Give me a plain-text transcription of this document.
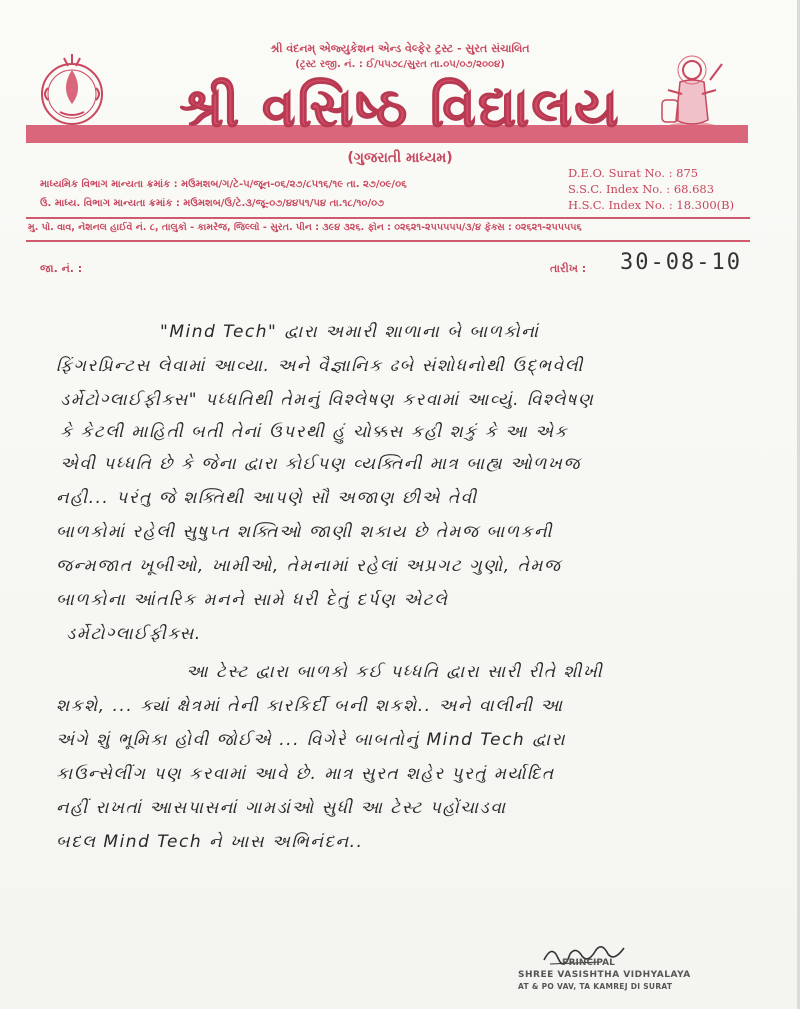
શ્રી વંદનમ્ એજ્યુકેશન એન્ડ વેલ્ફેર ટ્રસ્ટ - સુરત સંચાલિત
(ટ્રસ્ટ રજી. નં. : ઈ/૫૫૭૮/સુરત તા.૦૫/૦૭/૨૦૦૪)
શ્રી વસિષ્ઠ વિદ્યાલય
(ગુજરાતી માધ્યમ)
માધ્યમિક વિભાગ માન્યતા ક્રમાંક : મઉમશબ/ગ/ટે-૫/જૂન-૦૬/૨૭/૮૫૧૬/૧૯ તા. ૨૭/૦૯/૦૬
ઉ. માધ્ય. વિભાગ માન્યતા ક્રમાંક : મઉમશબ/ઉ/ટે.૩/જૂ-૦૭/૪૪૫૧/૫૪ તા.૧૮/૧૦/૦૭
D.E.O. Surat No. : 875
S.S.C. Index No. : 68.683
H.S.C. Index No. : 18.300(B)
મુ. પો. વાવ, નેશનલ હાઈવે નં. ૮, તાલુકો - કામરેજ, જિલ્લો - સુરત. પીન : ૩૯૪ ૩૨૬. ફોન : ૦૨૬૨૧-૨૫૫૫૫૫/૩/૪ ફેક્સ : ૦૨૬૨૧-૨૫૫૫૫૬
જા. નં. :	તારીખ : 30-08-10
"Mind Tech" દ્વારા અમારી શાળાના બે બાળકોનાં
ફિંગરપ્રિન્ટસ લેવામાં આવ્યા. અને વૈજ્ઞાનિક ઢબે સંશોધનોથી ઉદ્ભવેલી
ડર્મેટોગ્લાઈફીક્સ" પધ્ધતિથી તેમનું વિશ્લેષણ કરવામાં આવ્યું. વિશ્લેષણ
કે કેટલી માહિતી બતી તેનાં ઉપરથી હું ચોક્કસ કહી શકું કે આ એક
એવી પધ્ધતિ છે કે જેના દ્વારા કોઈપણ વ્યક્તિની માત્ર બાહ્ય ઓળખજ
નહી... પરંતુ જે શક્તિથી આપણે સૌ અજાણ છીએ તેવી
બાળકોમાં રહેલી સુષુપ્ત શક્તિઓ જાણી શકાય છે તેમજ બાળકની
જન્મજાત ખૂબીઓ, ખામીઓ, તેમનામાં રહેલાં અપ્રગટ ગુણો, તેમજ
બાળકોના આંતરિક મનને સામે ધરી દેતું દર્પણ એટલે
ડર્મેટોગ્લાઈફીક્સ.
આ ટેસ્ટ દ્વારા બાળકો કઈ પધ્ધતિ દ્વારા સારી રીતે શીખી
શકશે, ... ક્યાં ક્ષેત્રમાં તેની કારકિર્દી બની શકશે.. અને વાલીની આ
અંગે શું ભૂમિકા હોવી જોઈએ ... વિગેરે બાબતોનું Mind Tech દ્વારા
કાઉન્સેલીંગ પણ કરવામાં આવે છે. માત્ર સુરત શહેર પુરતું મર્યાદિત
નહીં રાખતાં આસપાસનાં ગામડાંઓ સુધી આ ટેસ્ટ પહોંચાડવા
બદલ Mind Tech ને ખાસ અભિનંદન..
PRINCIPAL
SHREE VASISHTHA VIDHYALAYA
AT & PO VAV, TA KAMREJ DI SURAT
